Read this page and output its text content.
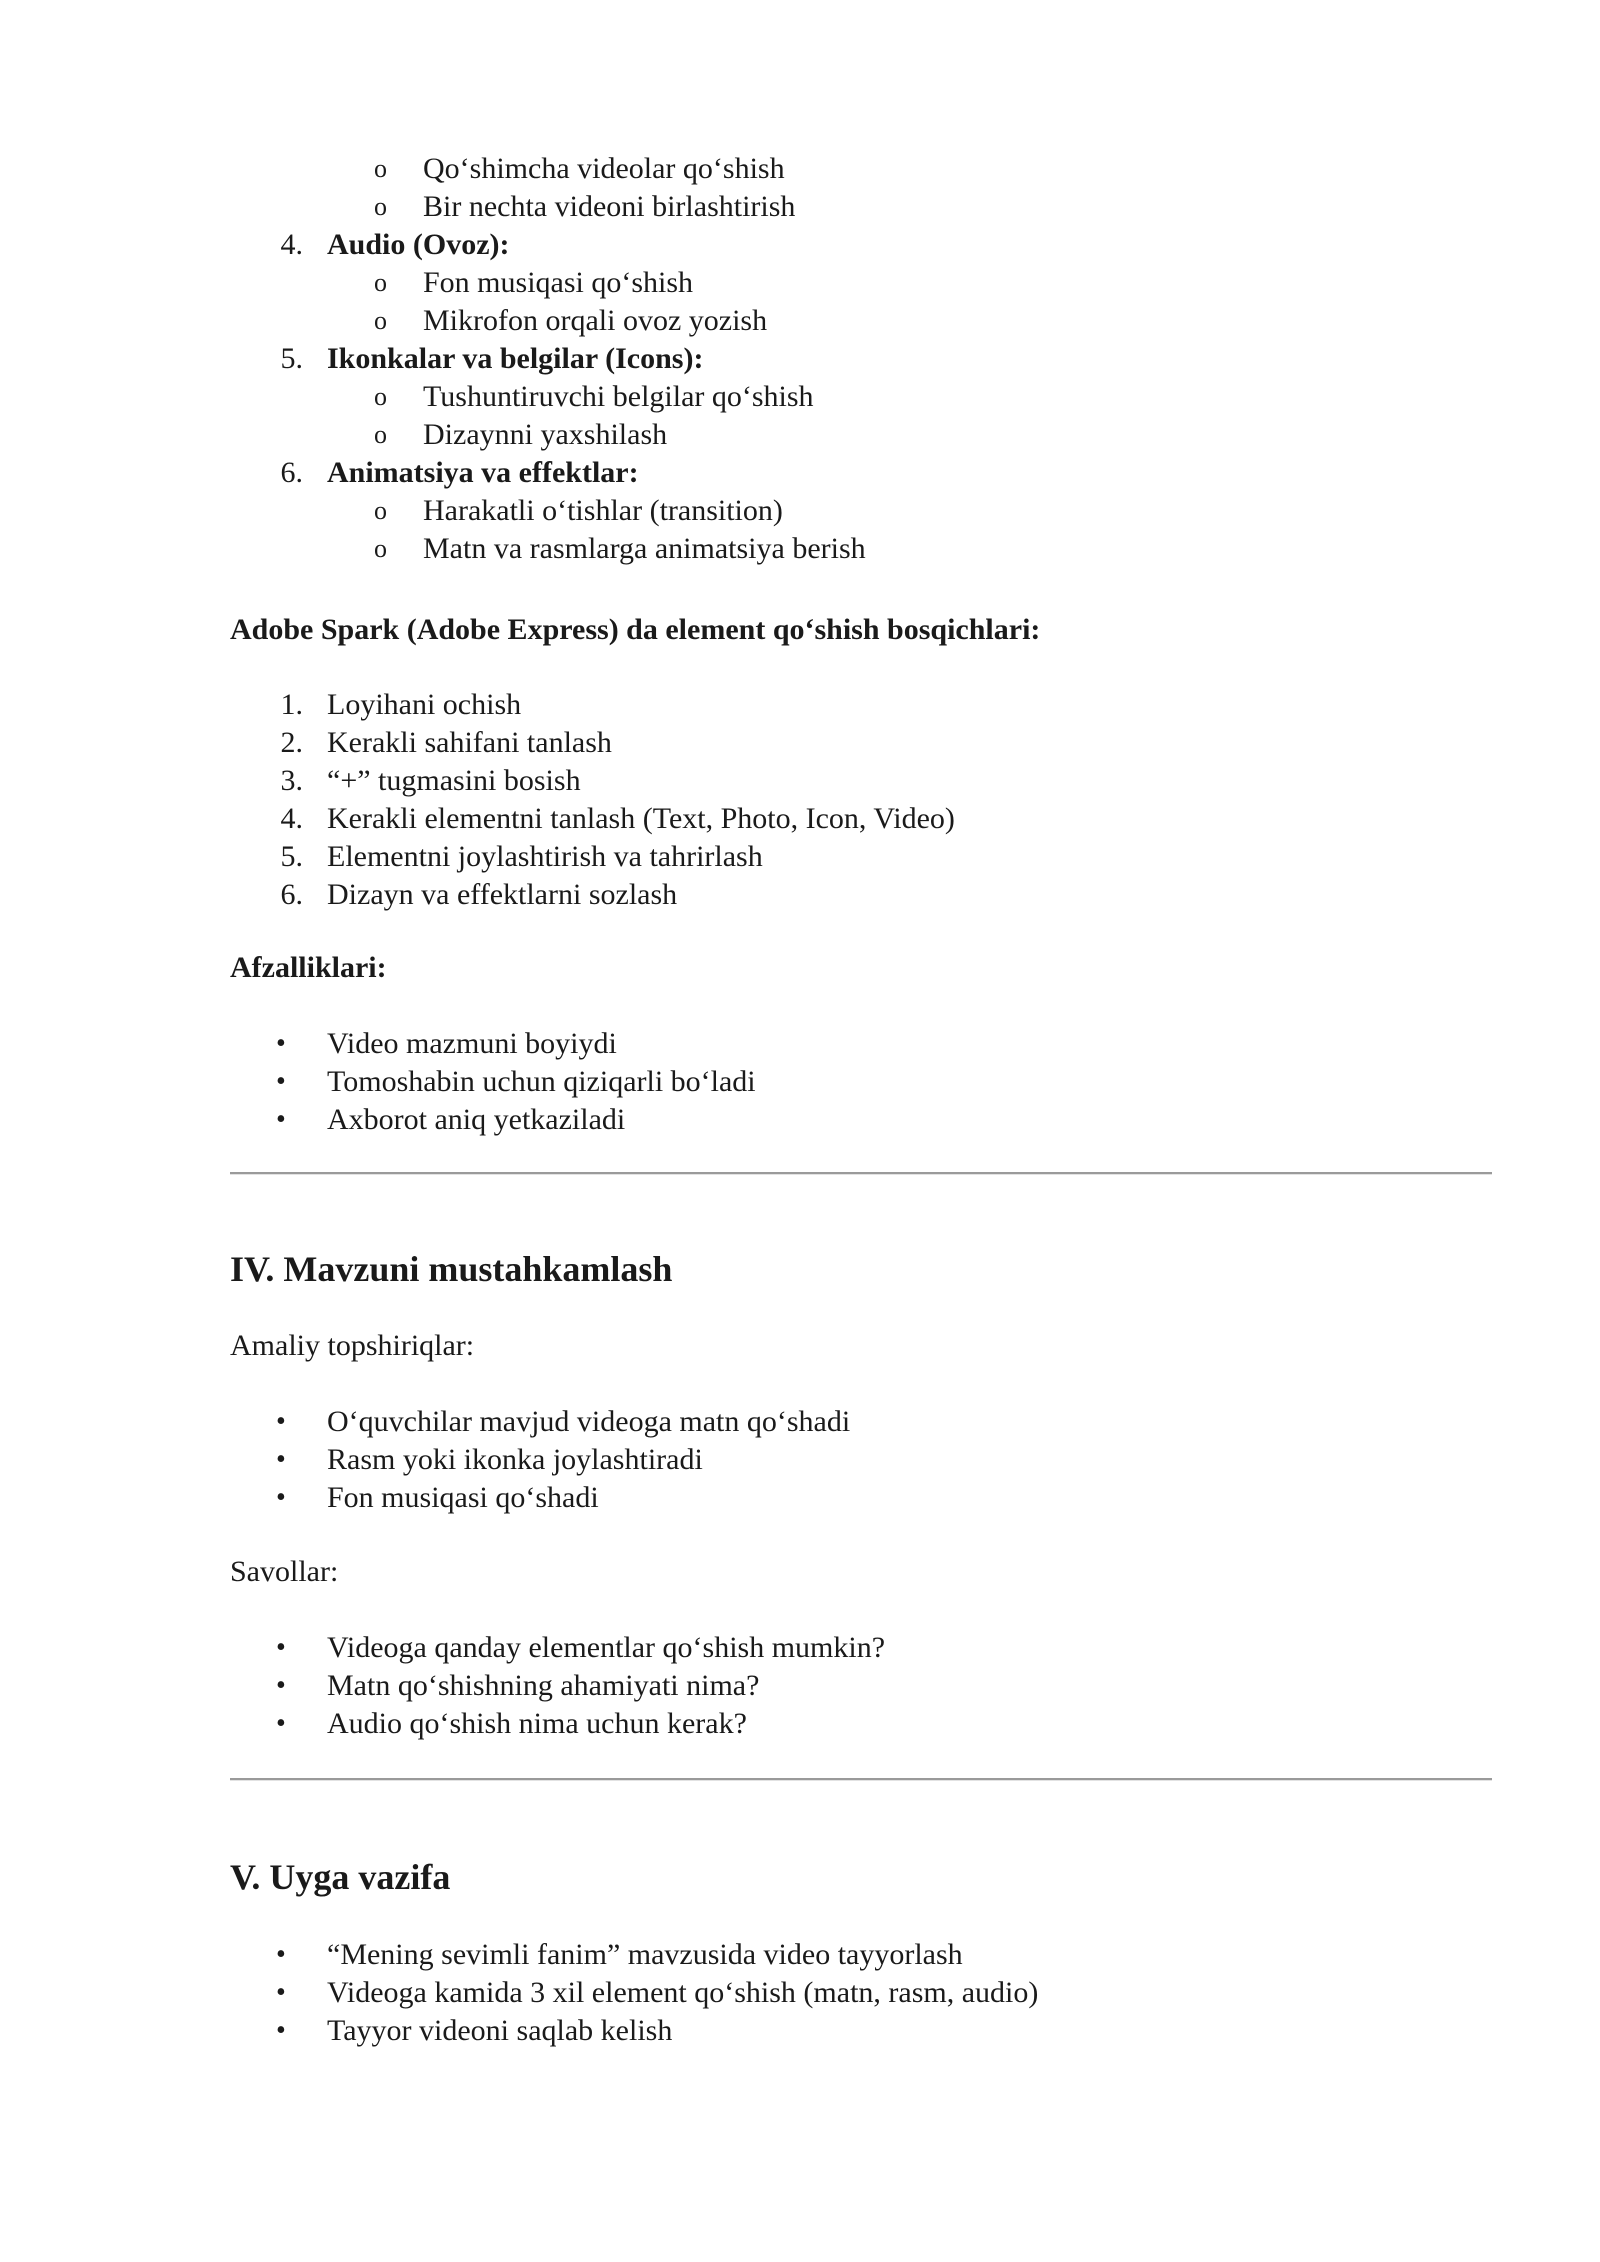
o Qo‘shimcha videolar qo‘shish
o Bir nechta videoni birlashtirish
4. Audio (Ovoz):
o Fon musiqasi qo‘shish
o Mikrofon orqali ovoz yozish
5. Ikonkalar va belgilar (Icons):
o Tushuntiruvchi belgilar qo‘shish
o Dizaynni yaxshilash
6. Animatsiya va effektlar:
o Harakatli o‘tishlar (transition)
o Matn va rasmlarga animatsiya berish
Adobe Spark (Adobe Express) da element qo‘shish bosqichlari:
1. Loyihani ochish
2. Kerakli sahifani tanlash
3. “+” tugmasini bosish
4. Kerakli elementni tanlash (Text, Photo, Icon, Video)
5. Elementni joylashtirish va tahrirlash
6. Dizayn va effektlarni sozlash
Afzalliklari:
• Video mazmuni boyiydi
• Tomoshabin uchun qiziqarli bo‘ladi
• Axborot aniq yetkaziladi
IV. Mavzuni mustahkamlash
Amaliy topshiriqlar:
• O‘quvchilar mavjud videoga matn qo‘shadi
• Rasm yoki ikonka joylashtiradi
• Fon musiqasi qo‘shadi
Savollar:
• Videoga qanday elementlar qo‘shish mumkin?
• Matn qo‘shishning ahamiyati nima?
• Audio qo‘shish nima uchun kerak?
V. Uyga vazifa
• “Mening sevimli fanim” mavzusida video tayyorlash
• Videoga kamida 3 xil element qo‘shish (matn, rasm, audio)
• Tayyor videoni saqlab kelish
